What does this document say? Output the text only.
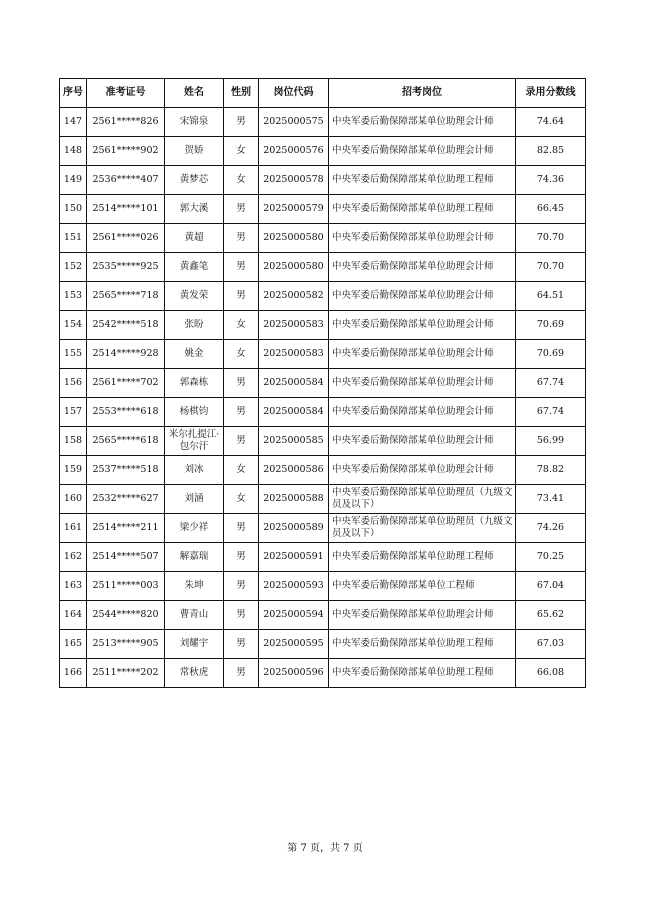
序号	准考证号	姓名	性别	岗位代码	招考岗位	录用分数线
147	2561*****826	宋锦泉	男	2025000575	中央军委后勤保障部某单位助理会计师	74.64
148	2561*****902	贺娇	女	2025000576	中央军委后勤保障部某单位助理会计师	82.85
149	2536*****407	黄梦芯	女	2025000578	中央军委后勤保障部某单位助理工程师	74.36
150	2514*****101	郭大溪	男	2025000579	中央军委后勤保障部某单位助理工程师	66.45
151	2561*****026	黄超	男	2025000580	中央军委后勤保障部某单位助理会计师	70.70
152	2535*****925	黄鑫笔	男	2025000580	中央军委后勤保障部某单位助理会计师	70.70
153	2565*****718	黄发荣	男	2025000582	中央军委后勤保障部某单位助理会计师	64.51
154	2542*****518	张盼	女	2025000583	中央军委后勤保障部某单位助理会计师	70.69
155	2514*****928	姚金	女	2025000583	中央军委后勤保障部某单位助理会计师	70.69
156	2561*****702	郭森栋	男	2025000584	中央军委后勤保障部某单位助理会计师	67.74
157	2553*****618	杨棋钧	男	2025000584	中央军委后勤保障部某单位助理会计师	67.74
158	2565*****618	米尔扎提江·包尔汗	男	2025000585	中央军委后勤保障部某单位助理会计师	56.99
159	2537*****518	刘冰	女	2025000586	中央军委后勤保障部某单位助理会计师	78.82
160	2532*****627	刘涵	女	2025000588	中央军委后勤保障部某单位助理员（九级文员及以下）	73.41
161	2514*****211	梁少祥	男	2025000589	中央军委后勤保障部某单位助理员（九级文员及以下）	74.26
162	2514*****507	解嘉瑞	男	2025000591	中央军委后勤保障部某单位助理工程师	70.25
163	2511*****003	朱坤	男	2025000593	中央军委后勤保障部某单位工程师	67.04
164	2544*****820	曹青山	男	2025000594	中央军委后勤保障部某单位助理会计师	65.62
165	2513*****905	刘耀宇	男	2025000595	中央军委后勤保障部某单位助理工程师	67.03
166	2511*****202	常秋虎	男	2025000596	中央军委后勤保障部某单位助理工程师	66.08
第 7 页，共 7 页
